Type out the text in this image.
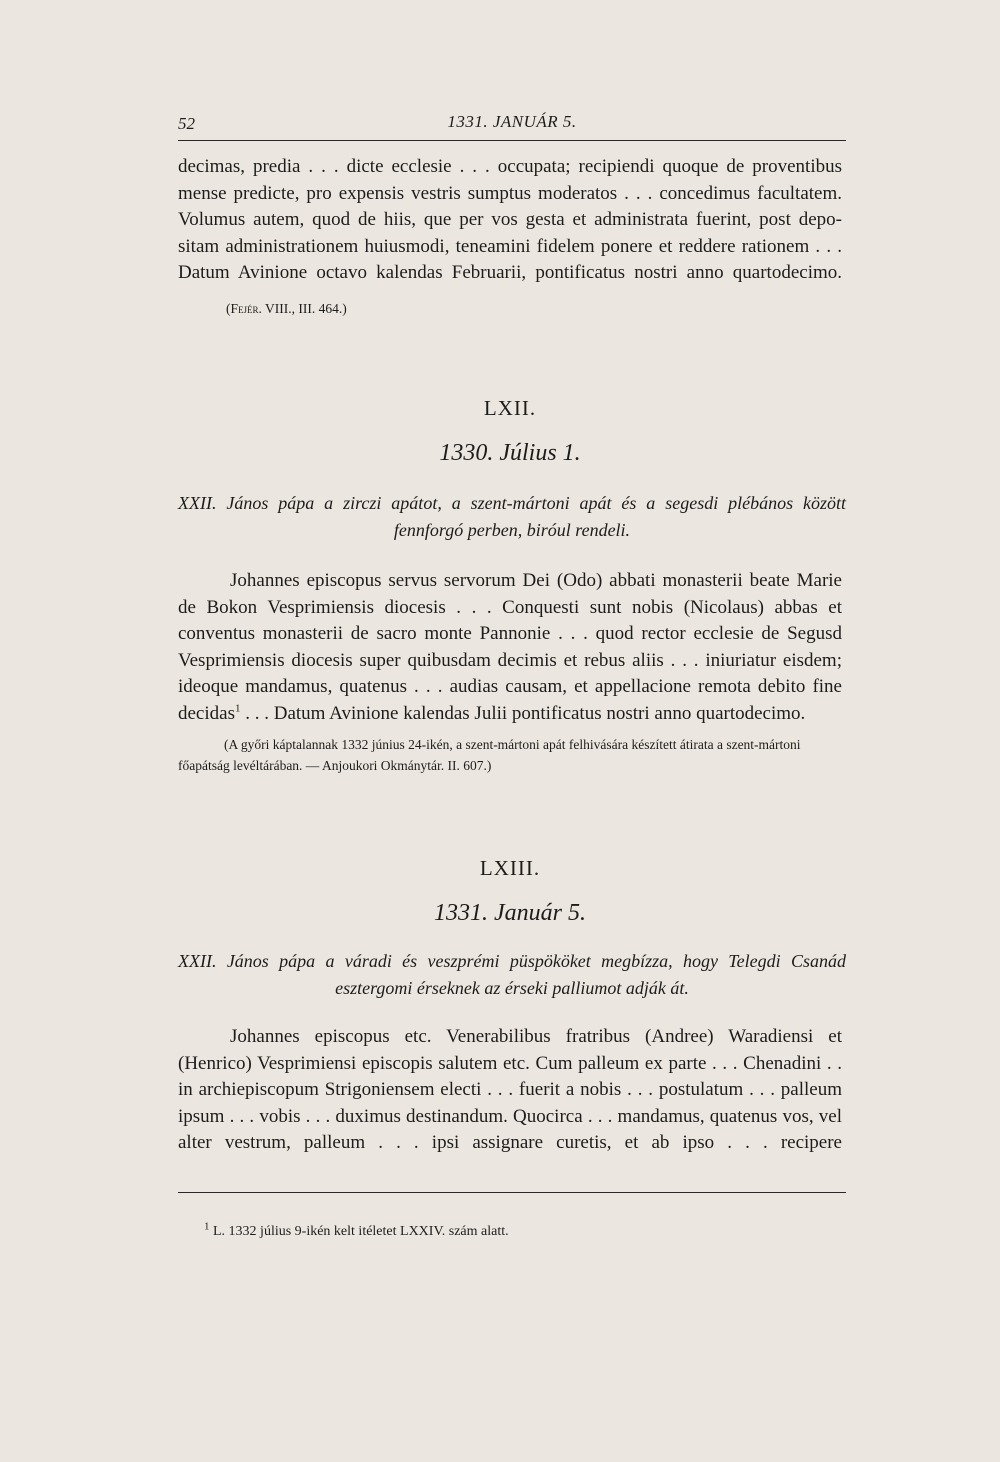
52	1331. JANUÁR 5.

decimas, predia . . . dicte ecclesie . . . occupata; recipiendi quoque de proventibus

mense predicte, pro expensis vestris sumptus moderatos . . . concedimus facultatem.

Volumus autem, quod de hiis, que per vos gesta et administrata fuerint, post depo-

sitam administrationem huiusmodi, teneamini fidelem ponere et reddere rationem . . .

Datum Avinione octavo kalendas Februarii, pontificatus nostri anno quartodecimo.

(Fejér. VIII., III. 464.)
LXII.
1330. Július 1.
XXII. János pápa a zirczi apátot, a szent-mártoni apát és a segesdi plébános között fennforgó perben, biróul rendeli.

Johannes episcopus servus servorum Dei (Odo) abbati monasterii beate Marie de Bokon Vesprimiensis diocesis . . . Conquesti sunt nobis (Nicolaus) abbas et conventus monasterii de sacro monte Pannonie . . . quod rector ecclesie de Segusd Vesprimiensis diocesis super quibusdam decimis et rebus aliis . . . iniuriatur eisdem; ideoque mandamus, quatenus . . . audias causam, et appellacione remota debito fine decidas$^1$ . . . Datum Avinione kalendas Julii pontificatus nostri anno quartodecimo.

(A győri káptalannak 1332 június 24-ikén, a szent-mártoni apát felhivására készített átirata a szent-mártoni főapátság levéltárában. — Anjoukori Okmánytár. II. 607.)
LXIII.
1331. Január 5.
XXII. János pápa a váradi és veszprémi püspököket megbízza, hogy Telegdi Csanád esztergomi érseknek az érseki palliumot adják át.

Johannes episcopus etc. Venerabilibus fratribus (Andree) Waradiensi et (Henrico) Vesprimiensi episcopis salutem etc. Cum palleum ex parte . . . Chenadini . . in archiepiscopum Strigoniensem electi . . . fuerit a nobis . . . postulatum . . . palleum ipsum . . . vobis . . . duximus destinandum. Quocirca . . . mandamus, quatenus vos, vel alter vestrum, palleum . . . ipsi assignare curetis, et ab ipso . . . recipere

$^1$ L. 1332 július 9-ikén kelt itéletet LXXIV. szám alatt.
